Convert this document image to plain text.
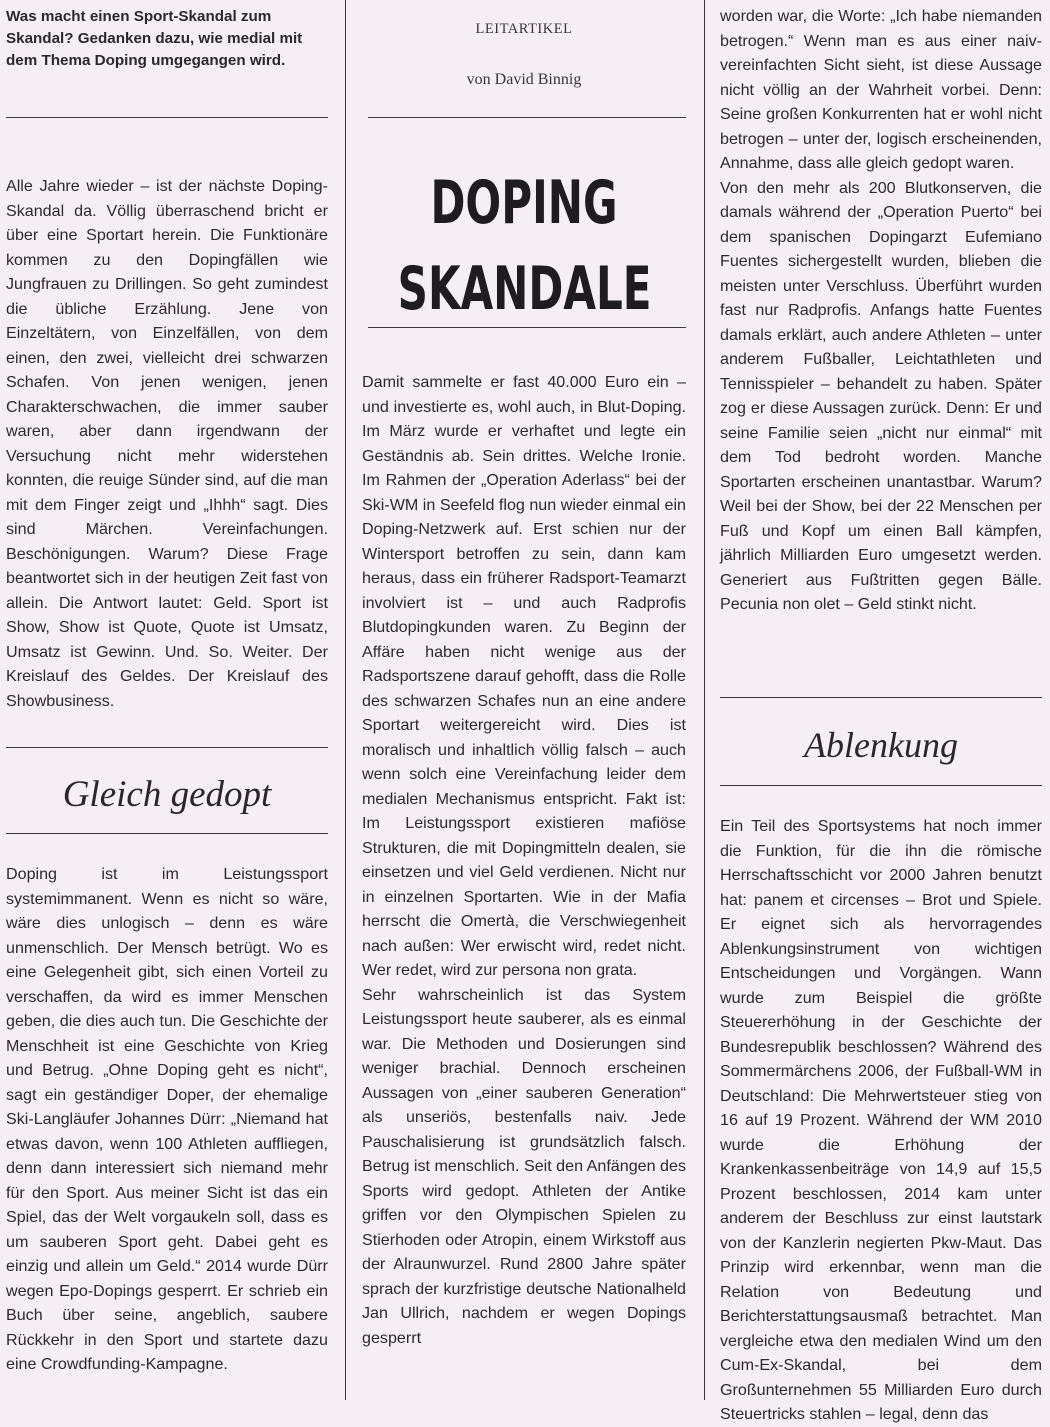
Was macht einen Sport-Skandal zum Skandal? Gedanken dazu, wie medial mit dem Thema Doping umgegangen wird.

Alle Jahre wieder – ist der nächste Doping-Skandal da. Völlig überraschend bricht er über eine Sportart herein. Die Funktionäre kommen zu den Dopingfällen wie Jungfrauen zu Drillingen. So geht zumindest die übliche Erzählung. Jene von Einzeltätern, von Einzelfällen, von dem einen, den zwei, vielleicht drei schwarzen Schafen. Von jenen wenigen, jenen Charakterschwachen, die immer sauber waren, aber dann irgendwann der Versuchung nicht mehr widerstehen konnten, die reuige Sünder sind, auf die man mit dem Finger zeigt und „Ihhh“ sagt. Dies sind Märchen. Vereinfachungen. Beschönigungen. Warum? Diese Frage beantwortet sich in der heutigen Zeit fast von allein. Die Antwort lautet: Geld. Sport ist Show, Show ist Quote, Quote ist Umsatz, Umsatz ist Gewinn. Und. So. Weiter. Der Kreislauf des Geldes. Der Kreislauf des Showbusiness.

Gleich gedopt

Doping ist im Leistungssport systemimmanent. Wenn es nicht so wäre, wäre dies unlogisch – denn es wäre unmenschlich. Der Mensch betrügt. Wo es eine Gelegenheit gibt, sich einen Vorteil zu verschaffen, da wird es immer Menschen geben, die dies auch tun. Die Geschichte der Menschheit ist eine Geschichte von Krieg und Betrug. „Ohne Doping geht es nicht“, sagt ein geständiger Doper, der ehemalige Ski-Langläufer Johannes Dürr: „Niemand hat etwas davon, wenn 100 Athleten auffliegen, denn dann interessiert sich niemand mehr für den Sport. Aus meiner Sicht ist das ein Spiel, das der Welt vorgaukeln soll, dass es um sauberen Sport geht. Dabei geht es einzig und allein um Geld.“ 2014 wurde Dürr wegen Epo-Dopings gesperrt. Er schrieb ein Buch über seine, angeblich, saubere Rückkehr in den Sport und startete dazu eine Crowdfunding-Kampagne.

LEITARTIKEL
von David Binnig
DOPING
SKANDALE

Damit sammelte er fast 40.000 Euro ein – und investierte es, wohl auch, in Blut-Doping. Im März wurde er verhaftet und legte ein Geständnis ab. Sein drittes. Welche Ironie. Im Rahmen der „Operation Aderlass“ bei der Ski-WM in Seefeld flog nun wieder einmal ein Doping-Netzwerk auf. Erst schien nur der Wintersport betroffen zu sein, dann kam heraus, dass ein früherer Radsport-Teamarzt involviert ist – und auch Radprofis Blutdopingkunden waren. Zu Beginn der Affäre haben nicht wenige aus der Radsportszene darauf gehofft, dass die Rolle des schwarzen Schafes nun an eine andere Sportart weitergereicht wird. Dies ist moralisch und inhaltlich völlig falsch – auch wenn solch eine Vereinfachung leider dem medialen Mechanismus entspricht. Fakt ist: Im Leistungssport existieren mafiöse Strukturen, die mit Dopingmitteln dealen, sie einsetzen und viel Geld verdienen. Nicht nur in einzelnen Sportarten. Wie in der Mafia herrscht die Omertà, die Verschwiegenheit nach außen: Wer erwischt wird, redet nicht. Wer redet, wird zur persona non grata.

Sehr wahrscheinlich ist das System Leistungssport heute sauberer, als es einmal war. Die Methoden und Dosierungen sind weniger brachial. Dennoch erscheinen Aussagen von „einer sauberen Generation“ als unseriös, bestenfalls naiv. Jede Pauschalisierung ist grundsätzlich falsch. Betrug ist menschlich. Seit den Anfängen des Sports wird gedopt. Athleten der Antike griffen vor den Olympischen Spielen zu Stierhoden oder Atropin, einem Wirkstoff aus der Alraunwurzel. Rund 2800 Jahre später sprach der kurzfristige deutsche Nationalheld Jan Ullrich, nachdem er wegen Dopings gesperrt

worden war, die Worte: „Ich habe niemanden betrogen.“ Wenn man es aus einer naiv-vereinfachten Sicht sieht, ist diese Aussage nicht völlig an der Wahrheit vorbei. Denn: Seine großen Konkurrenten hat er wohl nicht betrogen – unter der, logisch erscheinenden, Annahme, dass alle gleich gedopt waren.

Von den mehr als 200 Blutkonserven, die damals während der „Operation Puerto“ bei dem spanischen Dopingarzt Eufemiano Fuentes sichergestellt wurden, blieben die meisten unter Verschluss. Überführt wurden fast nur Radprofis. Anfangs hatte Fuentes damals erklärt, auch andere Athleten – unter anderem Fußballer, Leichtathleten und Tennisspieler – behandelt zu haben. Später zog er diese Aussagen zurück. Denn: Er und seine Familie seien „nicht nur einmal“ mit dem Tod bedroht worden. Manche Sportarten erscheinen unantastbar. Warum? Weil bei der Show, bei der 22 Menschen per Fuß und Kopf um einen Ball kämpfen, jährlich Milliarden Euro umgesetzt werden. Generiert aus Fußtritten gegen Bälle. Pecunia non olet – Geld stinkt nicht.

Ablenkung

Ein Teil des Sportsystems hat noch immer die Funktion, für die ihn die römische Herrschaftsschicht vor 2000 Jahren benutzt hat: panem et circenses – Brot und Spiele. Er eignet sich als hervorragendes Ablenkungsinstrument von wichtigen Entscheidungen und Vorgängen. Wann wurde zum Beispiel die größte Steuererhöhung in der Geschichte der Bundesrepublik beschlossen? Während des Sommermärchens 2006, der Fußball-WM in Deutschland: Die Mehrwertsteuer stieg von 16 auf 19 Prozent. Während der WM 2010 wurde die Erhöhung der Krankenkassenbeiträge von 14,9 auf 15,5 Prozent beschlossen, 2014 kam unter anderem der Beschluss zur einst lautstark von der Kanzlerin negierten Pkw-Maut. Das Prinzip wird erkennbar, wenn man die Relation von Bedeutung und Berichterstattungsausmaß betrachtet. Man vergleiche etwa den medialen Wind um den Cum-Ex-Skandal, bei dem Großunternehmen 55 Milliarden Euro durch Steuertricks stahlen – legal, denn das
